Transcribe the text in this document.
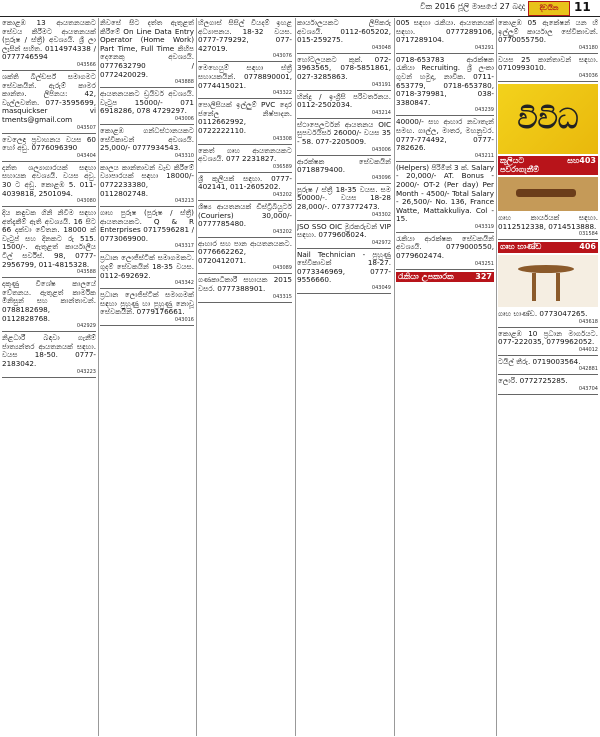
වික 2016 ජූලි මාසයේ 27 බදාදා	දිවයින	11
කොළඹ 13 ආයතනයකට සේවය කිරීමට ආයතනයක් (පුරුෂ / ස්ත්‍රී) අවශ්‍යයි. ශ්‍රී ලා ලැසින් සහිත. 0114974338 / 0777746594
043566
ශක්ති බිල්ඩර්ස් සමාගමට සේවකයින්. ඇරුම් කාමර කාන්තා. ලිපිනය: 42, වැල්ලවත්ත. 077-3595699, masquickser vi tments@gmail.com
043507
වෙලෙඳ ප්‍රවාහනය වයස 60 හෝ අඩු. 0776096390
043404
දන්ත ශල්‍යාගාරයක් සඳහා සහායක අවශ්‍යයි. වයස අවු. 30 ට අඩු. කොළඹ 5. 011-4039818, 2501094.
043080
දිය කඳුවක ගිනි නිවීම සඳහා අත්දැකීම් ඇති අවශ්‍යයි. 16 සිට 66 දක්වා වේතන. 18000 ක් වැටුප් සහ දිනකට රු 515. 1500/-. ඇතුළත් කාර්යාලීය ටීල් සර්විස්. 98, 0777-2956799, 011-4815328.
043588
දකුණු විශේෂ කාලයේ වේතනය. ඇතුළත් කාර්මික මිනිසුන් සහ කාන්තාවන්. 0788182698, 0112828768.
042929
නිළධාරී බඳවා ගැනීම් ජාත්‍යන්තර ආයතනයක් සඳහා. වයස 18-50. 0777-2183042.
043223
නිවසේ සිට දත්ත ඇතුළත් කිරීමේ On Line Data Entry Operator (Home Work) Part Time, Full Time කිහිප දෙනෙකු අවශ්‍යයි. 0777632790 / 0772420029.
043888
ආයතනයකට ඩ්‍රයිවර් අවශ්‍යයි. වැටුප 15000/- 071 6918286, 078 4729297.
043006
කොළඹ ගන්ධස්ථානයකට සේවිකාවන් අවශ්‍යයි. 25,000/- 0777934543.
043310
කාලය කාන්තාවන් වැඩ කිරීමේ ව්‍යාපාරයක් සඳහා 18000/- 0772233380, 0112802748.
043213
ගෘහ පුරුෂ (පුරුෂ / ස්ත්‍රී) ආයතනයකට. Q & R Enterprises 0717596281 / 0773069900.
043317
ප්‍රධාන ලොජිස්ටික් සමාගමකට. ගුදම් සේවකයින් 18-35 වයස. 0112-692692.
043342
ප්‍රධාන ලොජිස්ටික් සමාගමක් සඳහා පුහුණු හා පුහුණු නොවූ සේවකයින්. 0779176661.
043016
හිලගාස් සිසිල් වියදම් ඉහළ අධ්‍යාපනය. 18-32 වයස. 0777-779292, 077-427019.
043076
මෙහෙයුම් සඳහා ස්ත්‍රී සහායකයින්. 0778890001, 0774415021.
043322
පොලිසියක් ඉල්ලුම් PVC දොර ජනේල නිෂ්පාදන. 0112662992, 0722222110.
043308
කෙත් ගෘහ ආයතනයකට අවශ්‍යයි. 077 2231827.
036589
ශ්‍රී කුලියක් සඳහා. 0777-402141, 011-2605202.
043202
ශිෂ්‍ය ආයතනයක් ඩිස්ට්‍රිබියුටර් (Couriers) 30,000/- 0777785480.
043202
ආහාර සහ පාන ආයතනයකට. 0776662262, 0720412071.
043089
ගණකාධිකාරී සහායක 2015 වසර. 0777388901.
043315
කාර්යාලයකට ලිපිකරු අවශ්‍යයි. 0112-605202, 015-259275.
043048
හෝටලයකට කුක්. 072-3963565, 078-5851861, 027-3285863.
043191
හින්දු / ඉංග්‍රීසි පරිවර්තනය. 0112-2502034.
043214
ස්ථාපෙලර්ටන් ආයතනය OIC සුපර්වයිසර් 26000/- වයස 35 - 58. 077-2205009.
043006
ආරක්ෂක සේවකයින් 0718879400.
043096
පුරුෂ / ස්ත්‍රී 18-35 වයස. සම 50000/-. වයස 18-28 28,000/-. 0773772473.
043302
JSO SSO OIC මුරකරුවන් VIP සඳහා. 0779606024.
042972
Nail Technician - පුහුණු සේවිකාවක් 18-27. 0773346969, 0777-9556660.
043049
005 සඳහා රැකියා. ආයතනයක් සඳහා. 0777289106, 0717289104.
043291
0718-653783 ආරක්ෂක රැකියා Recruiting. ශ්‍රී ලංකා ගුවන් හමුදා, නාවික. 0711-653779, 0718-653780, 0718-379981, 038-3380847.
043239
40000/- සහ ආහාර නවාතැන් සමඟ. ගාල්ල, මාතර, මහනුවර. 0777-774492, 0777-782626.
043211
(Helpers) පිරිමින් 3 ක්. Salary - 20,000/- AT. Bonus - 2000/- OT-2 (Per day) Per Month - 4500/- Total Salary - 26,500/- No. 136, France Watte, Mattakkuliya. Col - 15.
043319
රැකියා ආරක්ෂක සේවකයින් අවශ්‍යයි. 0779000550, 0779602474.
043251
රැකියා උපකාරක	327
කොළඹ 05 ඇකේෂන් යන හි ඉල්ලුම් කාර්යාල සේවිකාවන්. 0770055750.
043180
වයස 25 කාන්තාවන් සඳහා. 0710993010.
043036
විවිධ
කුලියට සහ පවරාගැනීම්
403
ගෘහ කාර්යයක් සඳහා. 0112512338, 0714513888.
031584
ගෘහ භාණ්ඩ	406
ගෘහ භාණ්ඩ. 0773047265.
043618
කොළඹ 10 ප්‍රධාන මාර්ගයට. 077-222035, 0779962052.
044012
ටයිල් තීරු. 0719003564.
042881
ලොරි. 0772725285.
043704
